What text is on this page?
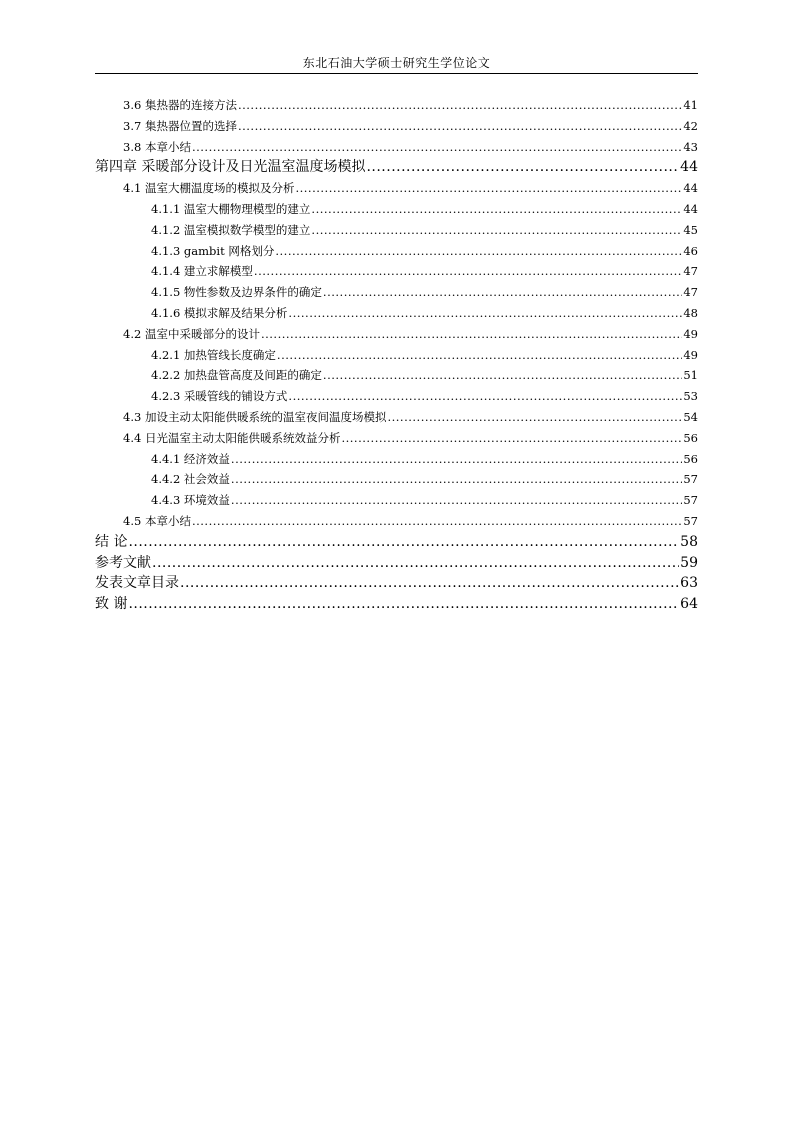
东北石油大学硕士研究生学位论文
3.6 集热器的连接方法 .....	41
3.7 集热器位置的选择 .....	42
3.8 本章小结 .....	43
第四章 采暖部分设计及日光温室温度场模拟 .....	44
4.1 温室大棚温度场的模拟及分析 .....	44
4.1.1 温室大棚物理模型的建立 .....	44
4.1.2 温室模拟数学模型的建立 .....	45
4.1.3 gambit 网格划分 .....	46
4.1.4 建立求解模型 .....	47
4.1.5 物性参数及边界条件的确定 .....	47
4.1.6 模拟求解及结果分析 .....	48
4.2 温室中采暖部分的设计 .....	49
4.2.1 加热管线长度确定 .....	49
4.2.2 加热盘管高度及间距的确定 .....	51
4.2.3 采暖管线的铺设方式 .....	53
4.3 加设主动太阳能供暖系统的温室夜间温度场模拟 .....	54
4.4 日光温室主动太阳能供暖系统效益分析 .....	56
4.4.1 经济效益 .....	56
4.4.2 社会效益 .....	57
4.4.3 环境效益 .....	57
4.5 本章小结 .....	57
结 论 .....	58
参考文献 .....	59
发表文章目录 .....	63
致 谢 .....	64
